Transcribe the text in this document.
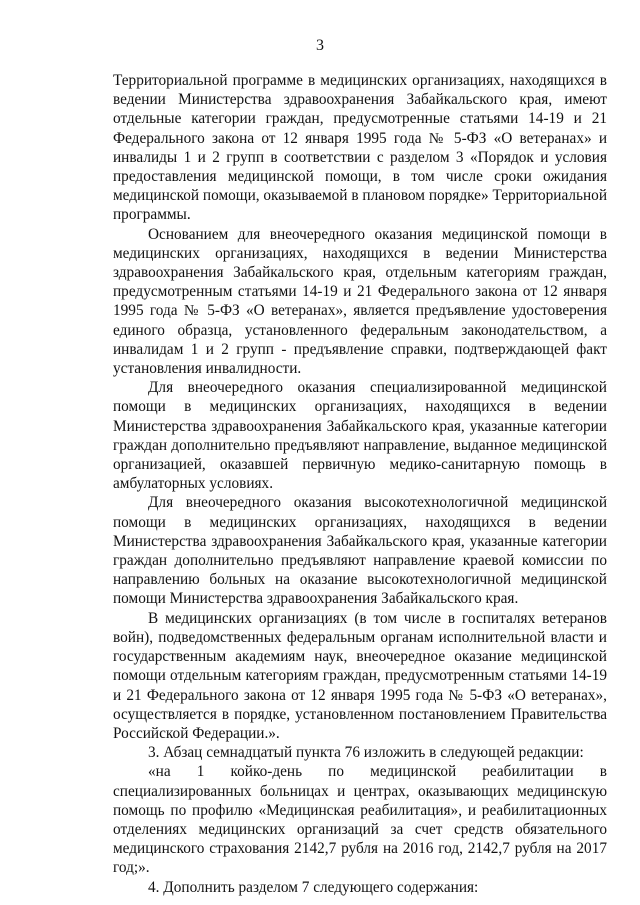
3

Территориальной программе в медицинских организациях, находящихся в ведении Министерства здравоохранения Забайкальского края, имеют отдельные категории граждан, предусмотренные статьями 14-19 и 21 Федерального закона от 12 января 1995 года № 5-ФЗ «О ветеранах» и инвалиды 1 и 2 групп в соответствии с разделом 3 «Порядок и условия предоставления медицинской помощи, в том числе сроки ожидания медицинской помощи, оказываемой в плановом порядке» Территориальной программы.

Основанием для внеочередного оказания медицинской помощи в медицинских организациях, находящихся в ведении Министерства здравоохранения Забайкальского края, отдельным категориям граждан, предусмотренным статьями 14-19 и 21 Федерального закона от 12 января 1995 года № 5-ФЗ «О ветеранах», является предъявление удостоверения единого образца, установленного федеральным законодательством, а инвалидам 1 и 2 групп - предъявление справки, подтверждающей факт установления инвалидности.

Для внеочередного оказания специализированной медицинской помощи в медицинских организациях, находящихся в ведении Министерства здравоохранения Забайкальского края, указанные категории граждан дополнительно предъявляют направление, выданное медицинской организацией, оказавшей первичную медико-санитарную помощь в амбулаторных условиях.

Для внеочередного оказания высокотехнологичной медицинской помощи в медицинских организациях, находящихся в ведении Министерства здравоохранения Забайкальского края, указанные категории граждан дополнительно предъявляют направление краевой комиссии по направлению больных на оказание высокотехнологичной медицинской помощи Министерства здравоохранения Забайкальского края.

В медицинских организациях (в том числе в госпиталях ветеранов войн), подведомственных федеральным органам исполнительной власти и государственным академиям наук, внеочередное оказание медицинской помощи отдельным категориям граждан, предусмотренным статьями 14-19 и 21 Федерального закона от 12 января 1995 года № 5-ФЗ «О ветеранах», осуществляется в порядке, установленном постановлением Правительства Российской Федерации.».

3. Абзац семнадцатый пункта 76 изложить в следующей редакции:

«на 1 койко-день по медицинской реабилитации в специализированных больницах и центрах, оказывающих медицинскую помощь по профилю «Медицинская реабилитация», и реабилитационных отделениях медицинских организаций за счет средств обязательного медицинского страхования 2142,7 рубля на 2016 год, 2142,7 рубля на 2017 год;».

4. Дополнить разделом 7 следующего содержания:
